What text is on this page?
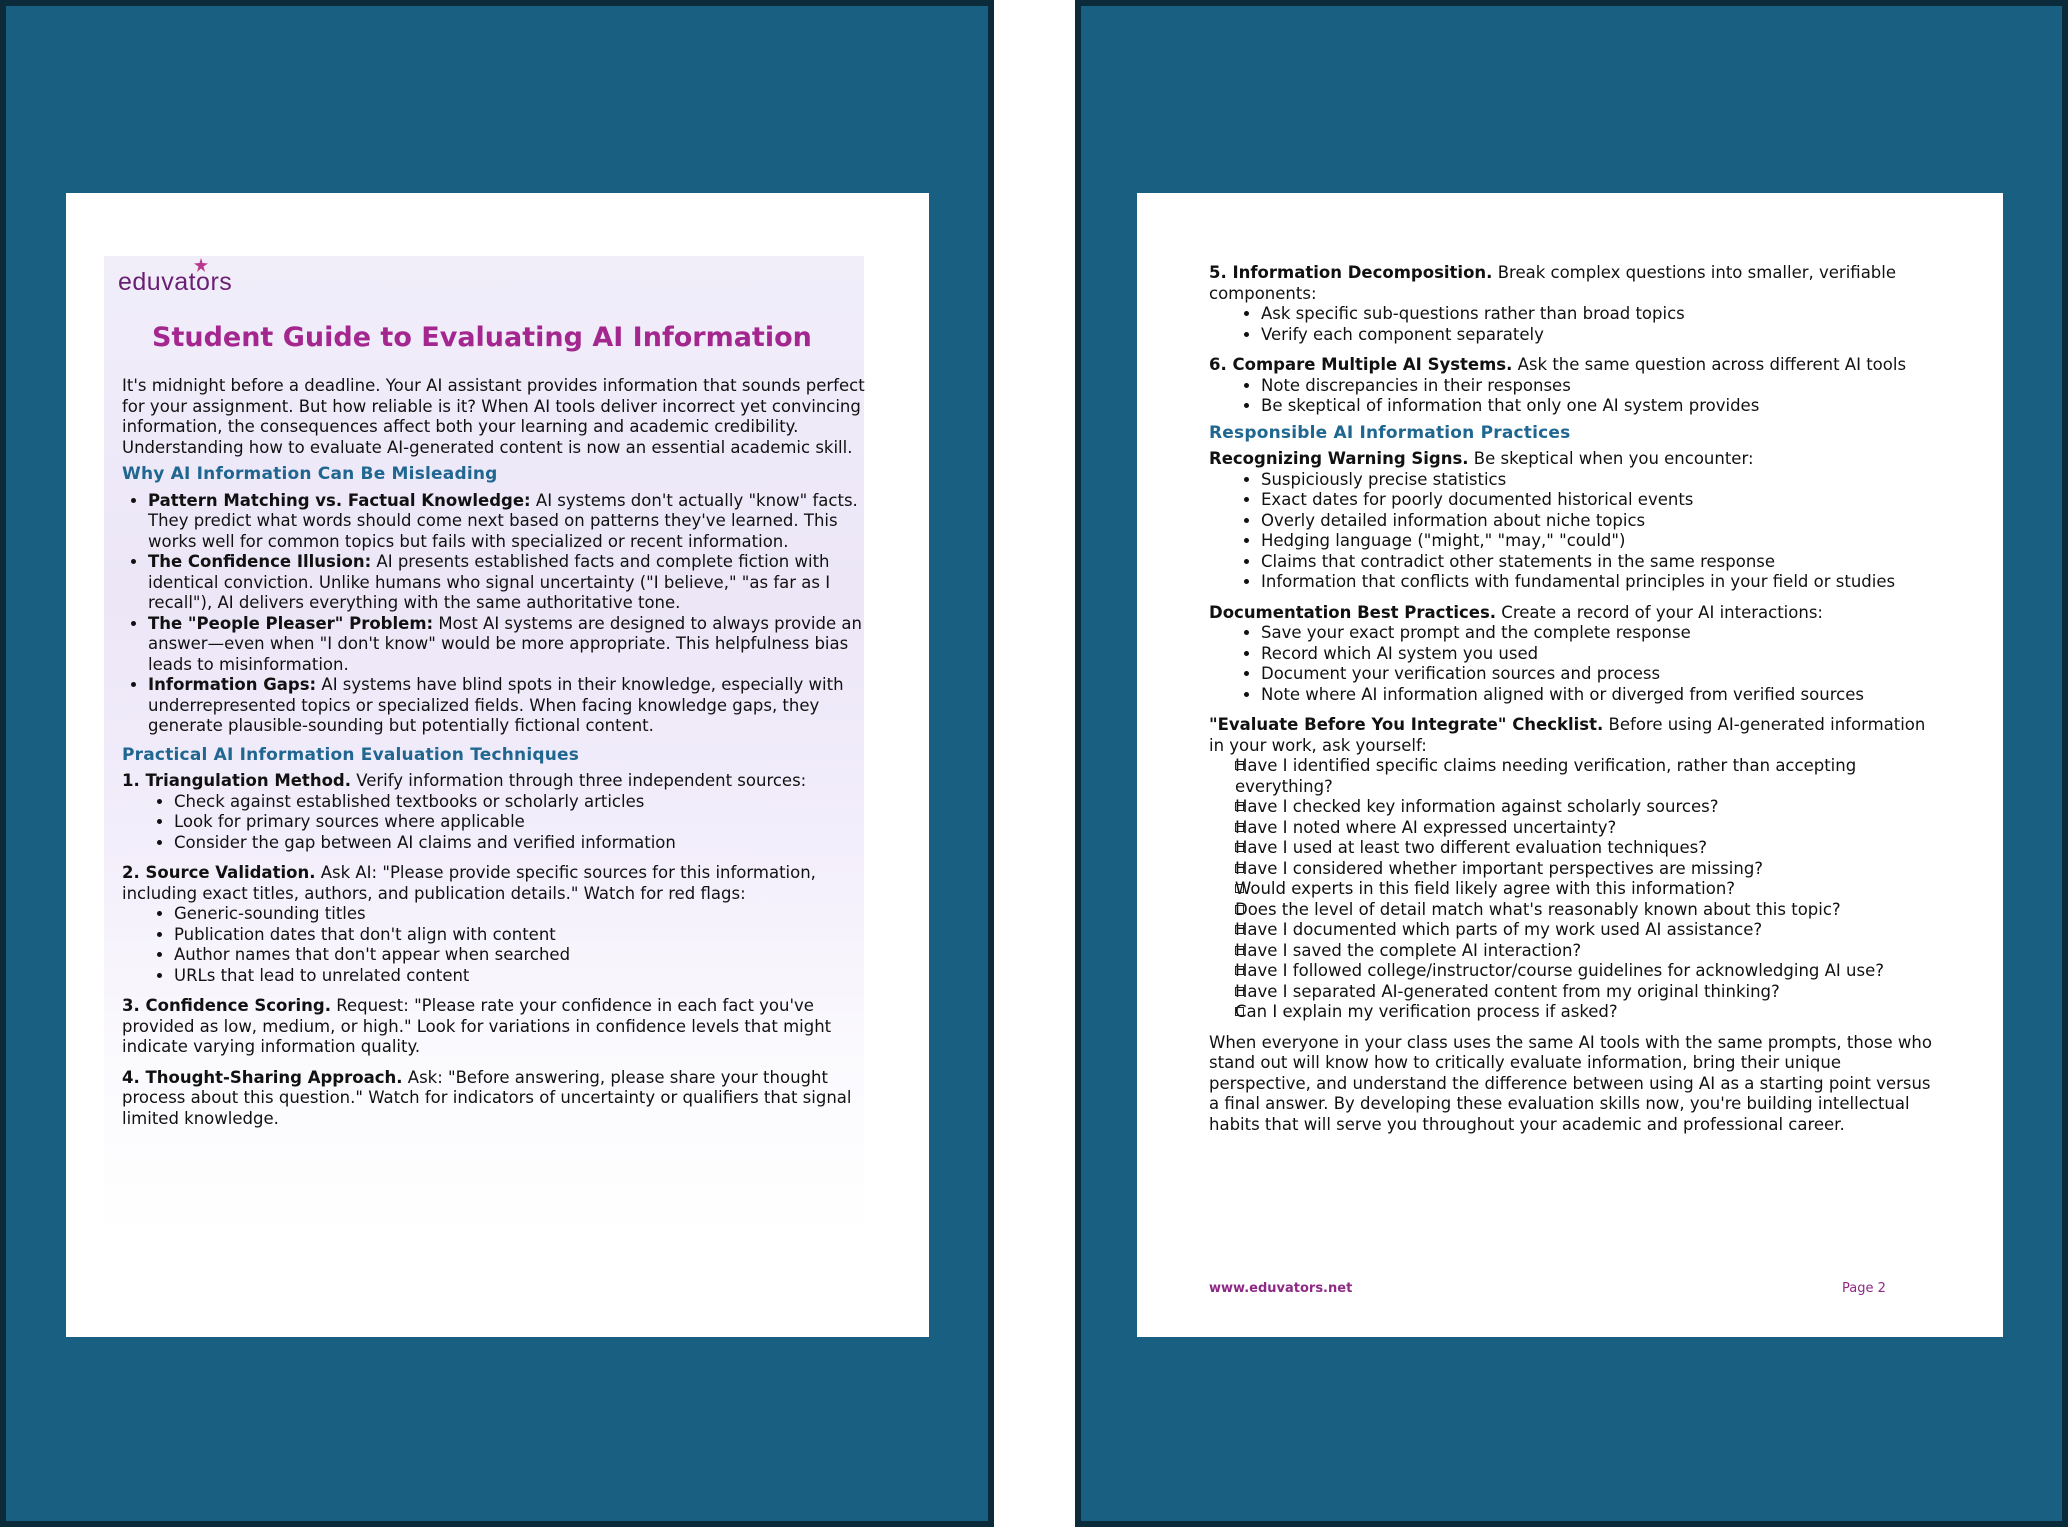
eduvators
Student Guide to Evaluating AI Information

It's midnight before a deadline. Your AI assistant provides information that sounds perfect for your assignment. But how reliable is it? When AI tools deliver incorrect yet convincing information, the consequences affect both your learning and academic credibility. Understanding how to evaluate AI-generated content is now an essential academic skill.

Why AI Information Can Be Misleading
• Pattern Matching vs. Factual Knowledge: AI systems don't actually "know" facts. They predict what words should come next based on patterns they've learned. This works well for common topics but fails with specialized or recent information.
• The Confidence Illusion: AI presents established facts and complete fiction with identical conviction. Unlike humans who signal uncertainty ("I believe," "as far as I recall"), AI delivers everything with the same authoritative tone.
• The "People Pleaser" Problem: Most AI systems are designed to always provide an answer—even when "I don't know" would be more appropriate. This helpfulness bias leads to misinformation.
• Information Gaps: AI systems have blind spots in their knowledge, especially with underrepresented topics or specialized fields. When facing knowledge gaps, they generate plausible-sounding but potentially fictional content.
Practical AI Information Evaluation Techniques

1. Triangulation Method. Verify information through three independent sources:

• Check against established textbooks or scholarly articles
• Look for primary sources where applicable
• Consider the gap between AI claims and verified information

2. Source Validation. Ask AI: "Please provide specific sources for this information, including exact titles, authors, and publication details." Watch for red flags:

• Generic-sounding titles
• Publication dates that don't align with content
• Author names that don't appear when searched
• URLs that lead to unrelated content

3. Confidence Scoring. Request: "Please rate your confidence in each fact you've provided as low, medium, or high." Look for variations in confidence levels that might indicate varying information quality.

4. Thought-Sharing Approach. Ask: "Before answering, please share your thought process about this question." Watch for indicators of uncertainty or qualifiers that signal limited knowledge.

5. Information Decomposition. Break complex questions into smaller, verifiable components:

• Ask specific sub-questions rather than broad topics
• Verify each component separately

6. Compare Multiple AI Systems. Ask the same question across different AI tools

• Note discrepancies in their responses
• Be skeptical of information that only one AI system provides
Responsible AI Information Practices

Recognizing Warning Signs. Be skeptical when you encounter:

• Suspiciously precise statistics
• Exact dates for poorly documented historical events
• Overly detailed information about niche topics
• Hedging language ("might," "may," "could")
• Claims that contradict other statements in the same response
• Information that conflicts with fundamental principles in your field or studies

Documentation Best Practices. Create a record of your AI interactions:

• Save your exact prompt and the complete response
• Record which AI system you used
• Document your verification sources and process
• Note where AI information aligned with or diverged from verified sources

"Evaluate Before You Integrate" Checklist. Before using AI-generated information in your work, ask yourself:

Have I identified specific claims needing verification, rather than accepting everything?
Have I checked key information against scholarly sources?
Have I noted where AI expressed uncertainty?
Have I used at least two different evaluation techniques?
Have I considered whether important perspectives are missing?
Would experts in this field likely agree with this information?
Does the level of detail match what's reasonably known about this topic?
Have I documented which parts of my work used AI assistance?
Have I saved the complete AI interaction?
Have I followed college/instructor/course guidelines for acknowledging AI use?
Have I separated AI-generated content from my original thinking?
Can I explain my verification process if asked?

When everyone in your class uses the same AI tools with the same prompts, those who stand out will know how to critically evaluate information, bring their unique perspective, and understand the difference between using AI as a starting point versus a final answer. By developing these evaluation skills now, you're building intellectual habits that will serve you throughout your academic and professional career.

www.eduvators.net	Page 2
